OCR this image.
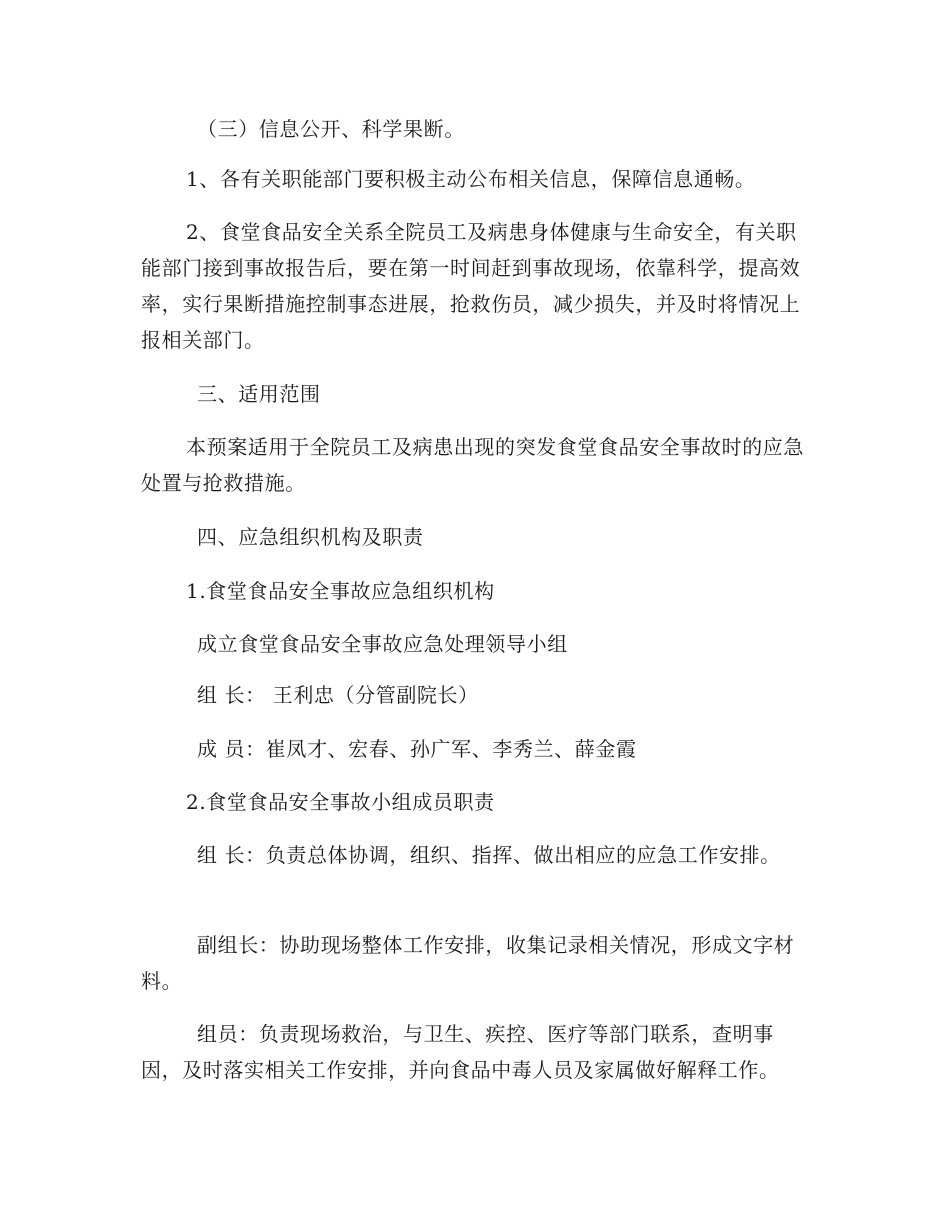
（三）信息公开、科学果断。

1、各有关职能部门要积极主动公布相关信息，保障信息通畅。

2、食堂食品安全关系全院员工及病患身体健康与生命安全，有关职能部门接到事故报告后，要在第一时间赶到事故现场，依靠科学，提高效率，实行果断措施控制事态进展，抢救伤员，减少损失，并及时将情况上报相关部门。

三、适用范围

本预案适用于全院员工及病患出现的突发食堂食品安全事故时的应急处置与抢救措施。

四、应急组织机构及职责

1.食堂食品安全事故应急组织机构

成立食堂食品安全事故应急处理领导小组

组 长： 王利忠（分管副院长）

成 员：崔凤才、宏春、孙广军、李秀兰、薛金霞

2.食堂食品安全事故小组成员职责

组 长：负责总体协调，组织、指挥、做出相应的应急工作安排。

副组长：协助现场整体工作安排，收集记录相关情况，形成文字材料。

组员：负责现场救治，与卫生、疾控、医疗等部门联系，查明事因，及时落实相关工作安排，并向食品中毒人员及家属做好解释工作。
